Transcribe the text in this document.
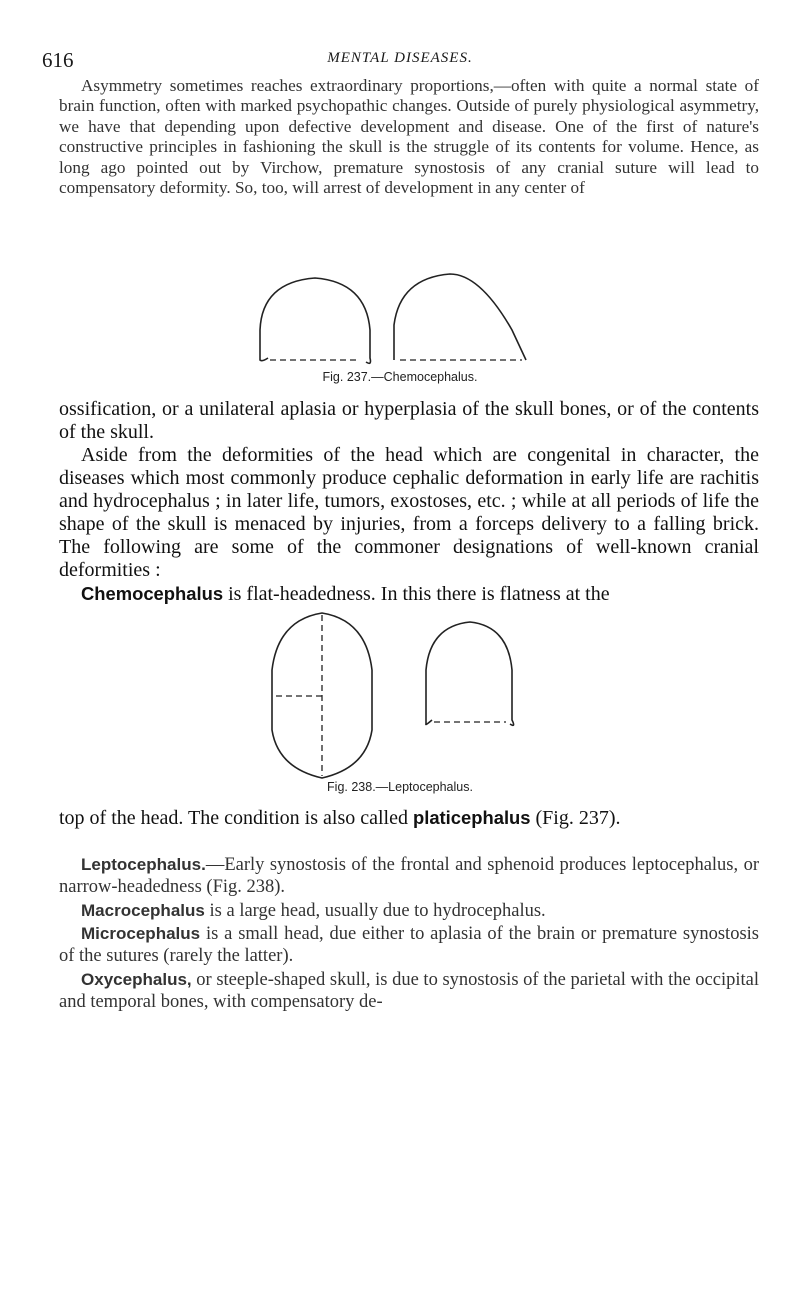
616	MENTAL DISEASES.

Asymmetry sometimes reaches extraordinary proportions,—often with quite a normal state of brain function, often with marked psychopathic changes. Outside of purely physiological asymmetry, we have that depending upon defective development and disease. One of the first of nature's constructive principles in fashioning the skull is the struggle of its contents for volume. Hence, as long ago pointed out by Virchow, premature synostosis of any cranial suture will lead to compensatory deformity. So, too, will arrest of development in any center of

Fig. 237.—Chemocephalus.
ossification, or a unilateral aplasia or hyperplasia of the skull bones, or of the contents of the skull.
Aside from the deformities of the head which are congenital in character, the diseases which most commonly produce cephalic deformation in early life are rachitis and hydrocephalus ; in later life, tumors, exostoses, etc. ; while at all periods of life the shape of the skull is menaced by injuries, from a forceps delivery to a falling brick. The following are some of the commoner designations of well-known cranial deformities :
Chemocephalus is flat-headedness. In this there is flatness at the
Fig. 238.—Leptocephalus.
top of the head. The condition is also called platicephalus (Fig. 237).
Leptocephalus.—Early synostosis of the frontal and sphenoid produces leptocephalus, or narrow-headedness (Fig. 238).
Macrocephalus is a large head, usually due to hydrocephalus.
Microcephalus is a small head, due either to aplasia of the brain or premature synostosis of the sutures (rarely the latter).
Oxycephalus, or steeple-shaped skull, is due to synostosis of the parietal with the occipital and temporal bones, with compensatory de-
